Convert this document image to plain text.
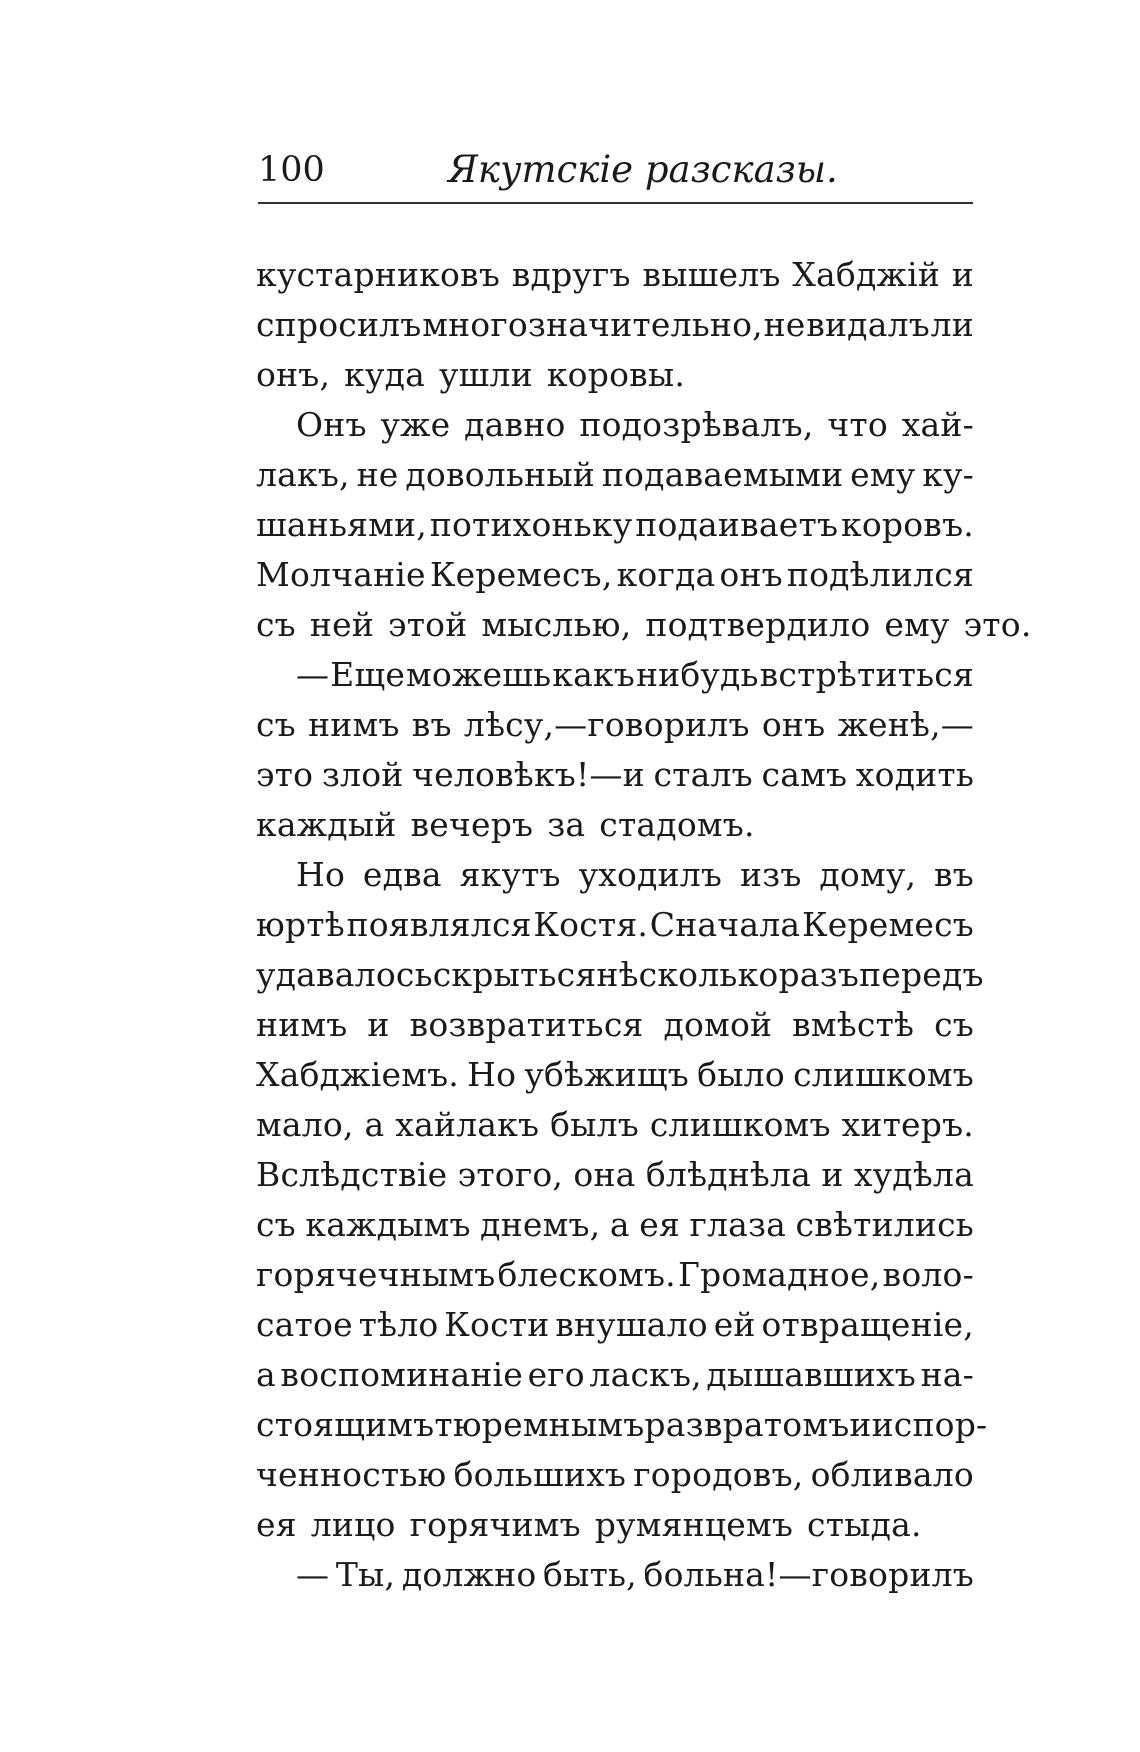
100	Якутскіе разсказы.
кустарниковъ вдругъ вышелъ Хабджій и
спросилъ многозначительно, не видалъ ли
онъ, куда ушли коровы.
Онъ уже давно подозрѣвалъ, что хай-
лакъ, не довольный подаваемыми ему ку-
шаньями, потихоньку подаиваетъ коровъ.
Молчаніе Керемесъ, когда онъ подѣлился
съ ней этой мыслью, подтвердило ему это.
— Еще можешь какъ нибудь встрѣтиться
съ нимъ въ лѣсу,—говорилъ онъ женѣ,—
это злой человѣкъ!—и сталъ самъ ходить
каждый вечеръ за стадомъ.
Но едва якутъ уходилъ изъ дому, въ
юртѣ появлялся Костя. Сначала Керемесъ
удавалось скрыться нѣсколько разъ передъ
нимъ и возвратиться домой вмѣстѣ съ
Хабджіемъ. Но убѣжищъ было слишкомъ
мало, а хайлакъ былъ слишкомъ хитеръ.
Вслѣдствіе этого, она блѣднѣла и худѣла
съ каждымъ днемъ, а ея глаза свѣтились
горячечнымъ блескомъ. Громадное, воло-
сатое тѣло Кости внушало ей отвращеніе,
а воспоминаніе его ласкъ, дышавшихъ на-
стоящимъ тюремнымъ развратомъ и испор-
ченностью большихъ городовъ, обливало
ея лицо горячимъ румянцемъ стыда.
— Ты, должно быть, больна!—говорилъ
